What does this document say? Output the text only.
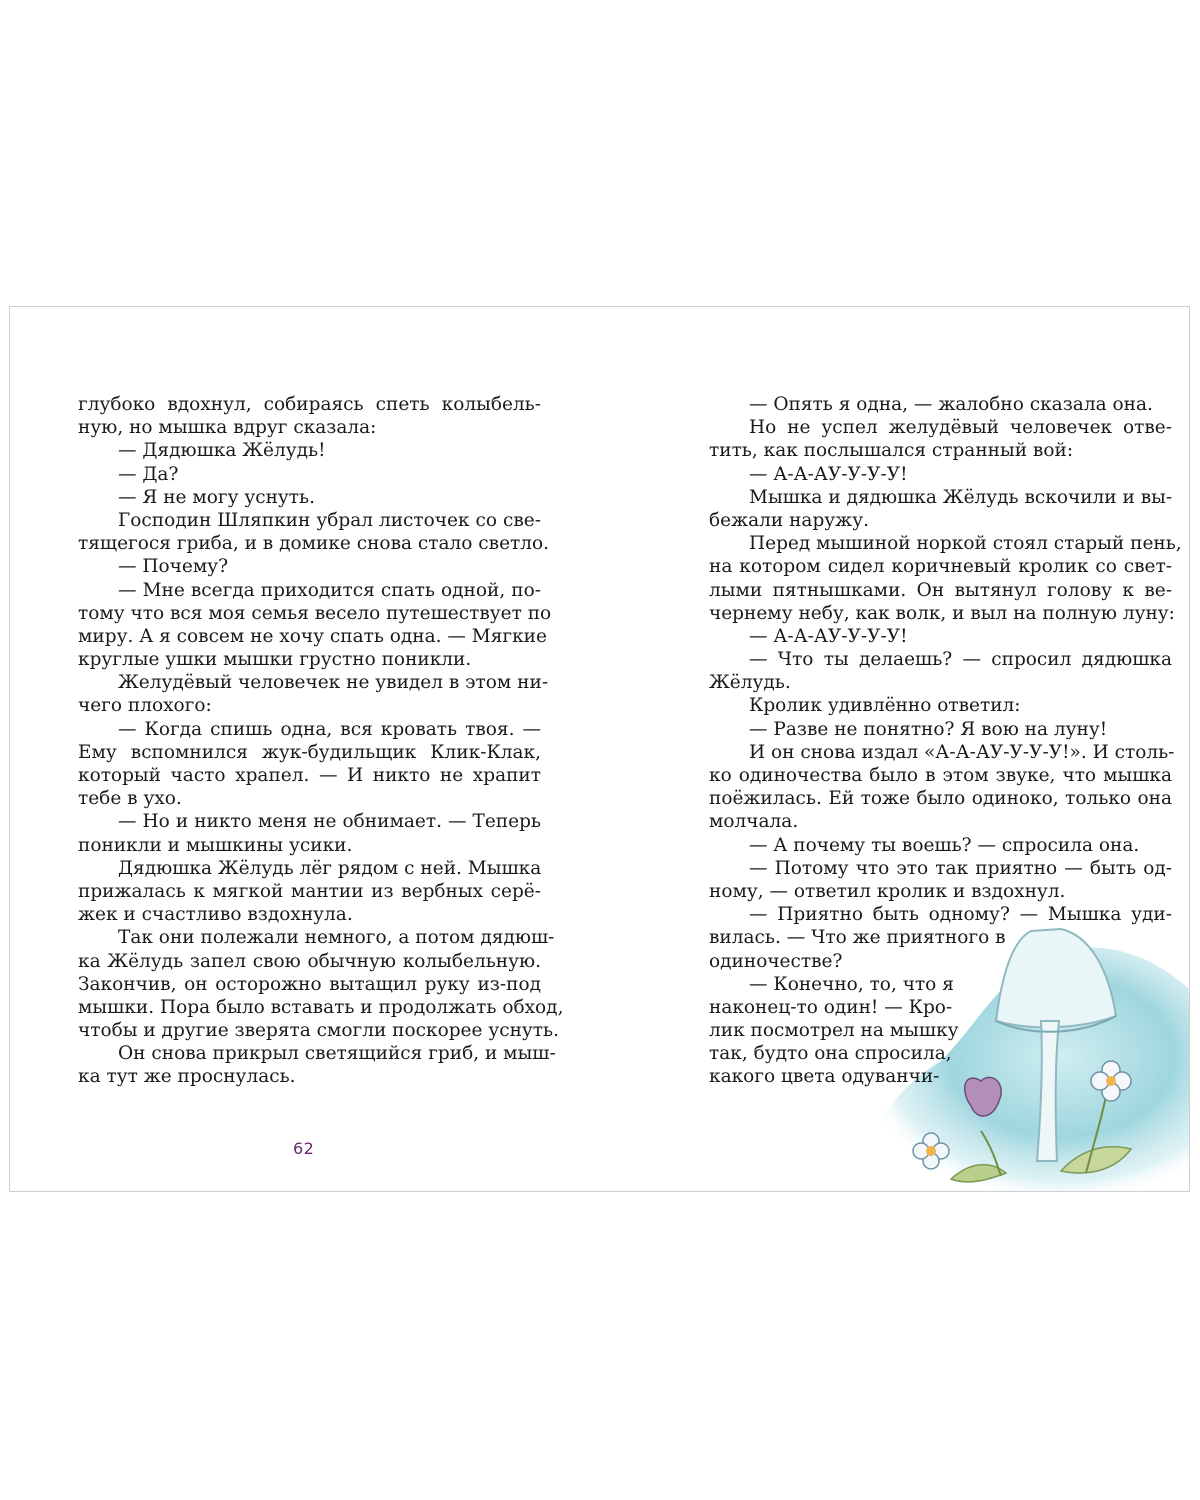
глубоко вдохнул, собираясь спеть колыбель-
ную, но мышка вдруг сказала:
— Дядюшка Жёлудь!
— Да?
— Я не могу уснуть.
Господин Шляпкин убрал листочек со све-
тящегося гриба, и в домике снова стало светло.
— Почему?
— Мне всегда приходится спать одной, по-
тому что вся моя семья весело путешествует по
миру. А я совсем не хочу спать одна. — Мягкие
круглые ушки мышки грустно поникли.
Желудёвый человечек не увидел в этом ни-
чего плохого:
— Когда спишь одна, вся кровать твоя. —
Ему вспомнился жук-будильщик Клик-Клак,
который часто храпел. — И никто не храпит
тебе в ухо.
— Но и никто меня не обнимает. — Теперь
поникли и мышкины усики.
Дядюшка Жёлудь лёг рядом с ней. Мышка
прижалась к мягкой мантии из вербных серё-
жек и счастливо вздохнула.
Так они полежали немного, а потом дядюш-
ка Жёлудь запел свою обычную колыбельную.
Закончив, он осторожно вытащил руку из-под
мышки. Пора было вставать и продолжать обход,
чтобы и другие зверята смогли поскорее уснуть.
Он снова прикрыл светящийся гриб, и мыш-
ка тут же проснулась.
62
— Опять я одна, — жалобно сказала она.
Но не успел желудёвый человечек отве-
тить, как послышался странный вой:
— А-А-АУ-У-У-У!
Мышка и дядюшка Жёлудь вскочили и вы-
бежали наружу.
Перед мышиной норкой стоял старый пень,
на котором сидел коричневый кролик со свет-
лыми пятнышками. Он вытянул голову к ве-
чернему небу, как волк, и выл на полную луну:
— А-А-АУ-У-У-У!
— Что ты делаешь? — спросил дядюшка
Жёлудь.
Кролик удивлённо ответил:
— Разве не понятно? Я вою на луну!
И он снова издал «А-А-АУ-У-У-У!». И столь-
ко одиночества было в этом звуке, что мышка
поёжилась. Ей тоже было одиноко, только она
молчала.
— А почему ты воешь? — спросила она.
— Потому что это так приятно — быть од-
ному, — ответил кролик и вздохнул.
— Приятно быть одному? — Мышка уди-
вилась. — Что же приятного в
одиночестве?
— Конечно, то, что я
наконец-то один! — Кро-
лик посмотрел на мышку
так, будто она спросила,
какого цвета одуванчи-
